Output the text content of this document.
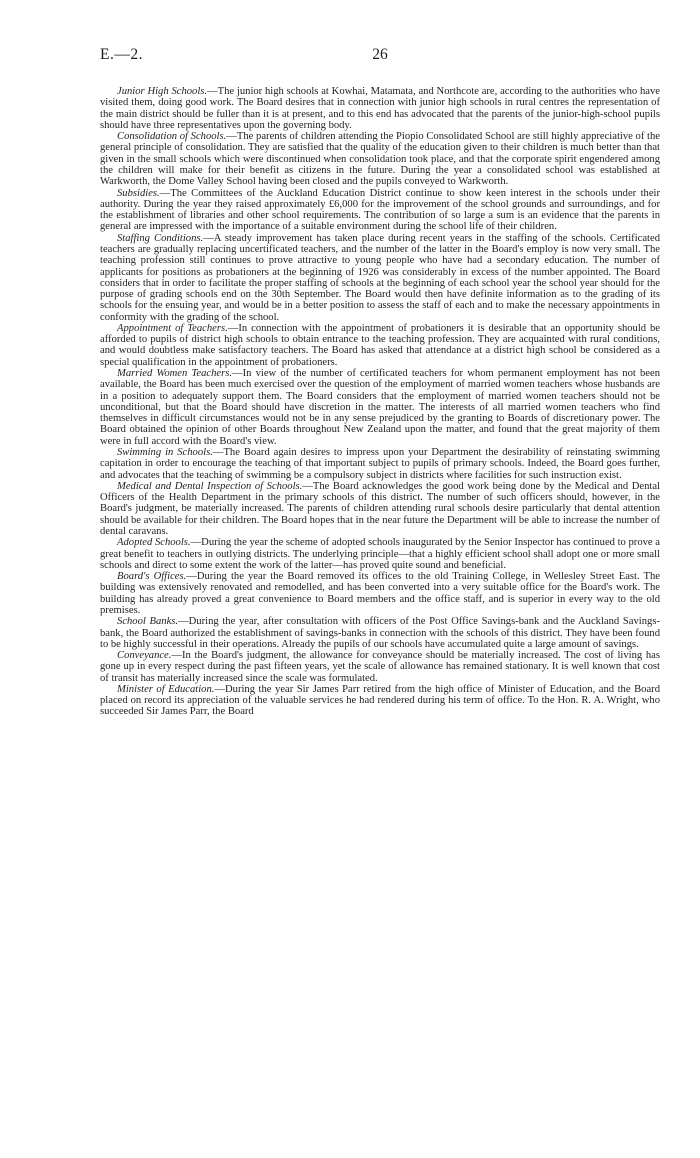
E.—2.	26

Junior High Schools.—The junior high schools at Kowhai, Matamata, and Northcote are, according to the authorities who have visited them, doing good work. The Board desires that in connection with junior high schools in rural centres the representation of the main district should be fuller than it is at present, and to this end has advocated that the parents of the junior-high-school pupils should have three representatives upon the governing body.

Consolidation of Schools.—The parents of children attending the Piopio Consolidated School are still highly appreciative of the general principle of consolidation. They are satisfied that the quality of the education given to their children is much better than that given in the small schools which were discontinued when consolidation took place, and that the corporate spirit engendered among the children will make for their benefit as citizens in the future. During the year a consolidated school was established at Warkworth, the Dome Valley School having been closed and the pupils conveyed to Warkworth.

Subsidies.—The Committees of the Auckland Education District continue to show keen interest in the schools under their authority. During the year they raised approximately £6,000 for the improvement of the school grounds and surroundings, and for the establishment of libraries and other school requirements. The contribution of so large a sum is an evidence that the parents in general are impressed with the importance of a suitable environment during the school life of their children.

Staffing Conditions.—A steady improvement has taken place during recent years in the staffing of the schools. Certificated teachers are gradually replacing uncertificated teachers, and the number of the latter in the Board's employ is now very small. The teaching profession still continues to prove attractive to young people who have had a secondary education. The number of applicants for positions as probationers at the beginning of 1926 was considerably in excess of the number appointed. The Board considers that in order to facilitate the proper staffing of schools at the beginning of each school year the school year should for the purpose of grading schools end on the 30th September. The Board would then have definite information as to the grading of its schools for the ensuing year, and would be in a better position to assess the staff of each and to make the necessary appointments in conformity with the grading of the school.

Appointment of Teachers.—In connection with the appointment of probationers it is desirable that an opportunity should be afforded to pupils of district high schools to obtain entrance to the teaching profession. They are acquainted with rural conditions, and would doubtless make satisfactory teachers. The Board has asked that attendance at a district high school be considered as a special qualification in the appointment of probationers.

Married Women Teachers.—In view of the number of certificated teachers for whom permanent employment has not been available, the Board has been much exercised over the question of the employment of married women teachers whose husbands are in a position to adequately support them. The Board considers that the employment of married women teachers should not be unconditional, but that the Board should have discretion in the matter. The interests of all married women teachers who find themselves in difficult circumstances would not be in any sense prejudiced by the granting to Boards of discretionary power. The Board obtained the opinion of other Boards throughout New Zealand upon the matter, and found that the great majority of them were in full accord with the Board's view.

Swimming in Schools.—The Board again desires to impress upon your Department the desirability of reinstating swimming capitation in order to encourage the teaching of that important subject to pupils of primary schools. Indeed, the Board goes further, and advocates that the teaching of swimming be a compulsory subject in districts where facilities for such instruction exist.

Medical and Dental Inspection of Schools.—The Board acknowledges the good work being done by the Medical and Dental Officers of the Health Department in the primary schools of this district. The number of such officers should, however, in the Board's judgment, be materially increased. The parents of children attending rural schools desire particularly that dental attention should be available for their children. The Board hopes that in the near future the Department will be able to increase the number of dental caravans.

Adopted Schools.—During the year the scheme of adopted schools inaugurated by the Senior Inspector has continued to prove a great benefit to teachers in outlying districts. The underlying principle—that a highly efficient school shall adopt one or more small schools and direct to some extent the work of the latter—has proved quite sound and beneficial.

Board's Offices.—During the year the Board removed its offices to the old Training College, in Wellesley Street East. The building was extensively renovated and remodelled, and has been converted into a very suitable office for the Board's work. The building has already proved a great convenience to Board members and the office staff, and is superior in every way to the old premises.

School Banks.—During the year, after consultation with officers of the Post Office Savings-bank and the Auckland Savings-bank, the Board authorized the establishment of savings-banks in connection with the schools of this district. They have been found to be highly successful in their operations. Already the pupils of our schools have accumulated quite a large amount of savings.

Conveyance.—In the Board's judgment, the allowance for conveyance should be materially increased. The cost of living has gone up in every respect during the past fifteen years, yet the scale of allowance has remained stationary. It is well known that cost of transit has materially increased since the scale was formulated.

Minister of Education.—During the year Sir James Parr retired from the high office of Minister of Education, and the Board placed on record its appreciation of the valuable services he had rendered during his term of office. To the Hon. R. A. Wright, who succeeded Sir James Parr, the Board
